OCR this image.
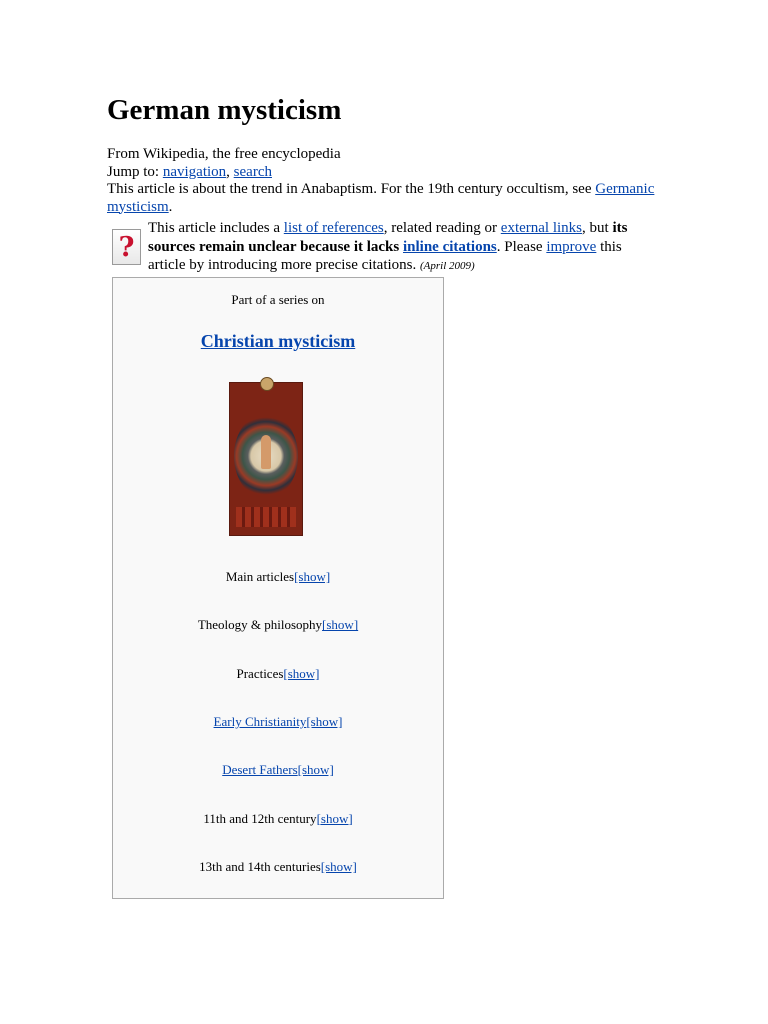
German mysticism
From Wikipedia, the free encyclopedia
Jump to: navigation, search
This article is about the trend in Anabaptism. For the 19th century occultism, see Germanic mysticism.
?
This article includes a list of references, related reading or external links, but its sources remain unclear because it lacks inline citations. Please improve this article by introducing more precise citations. (April 2009)
Part of a series on
Christian mysticism
Main articles[show]
Theology & philosophy[show]
Practices[show]
Early Christianity[show]
Desert Fathers[show]
11th and 12th century[show]
13th and 14th centuries[show]
